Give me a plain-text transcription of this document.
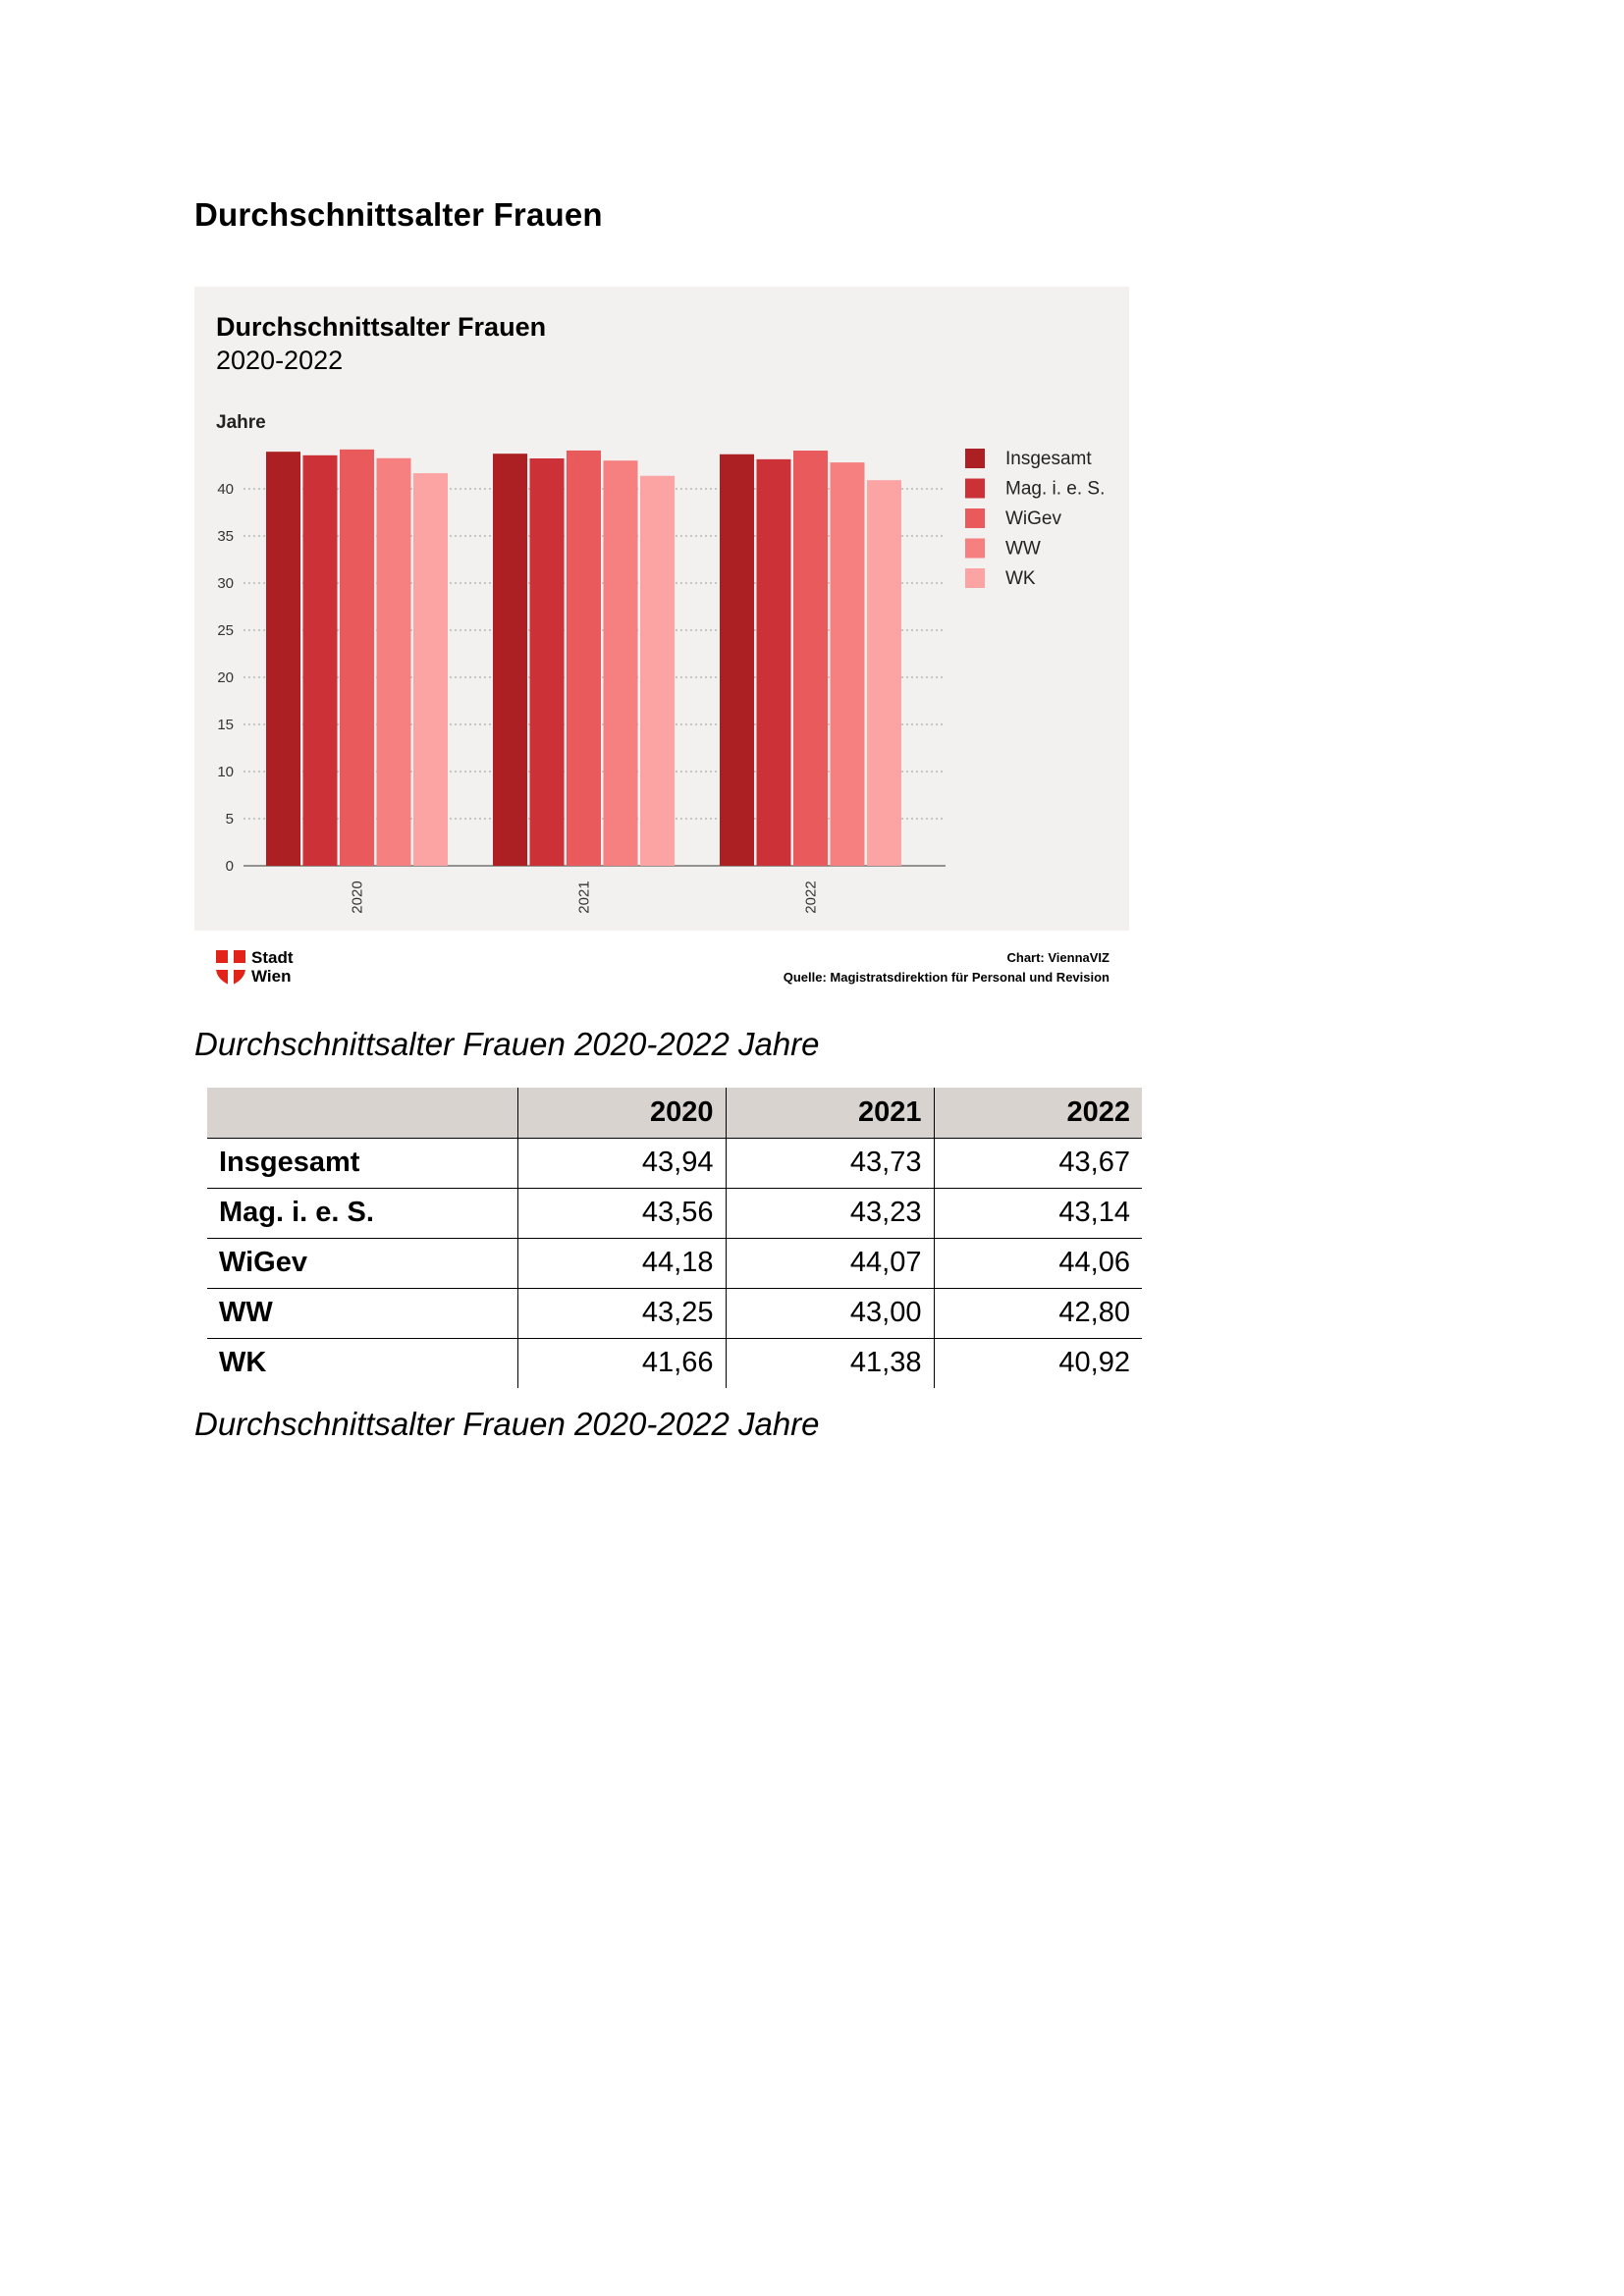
Durchschnittsalter Frauen
Jahre
0
5
10
15
20
25
30
35
40
2020	2021	2022
Insgesamt
Mag. i. e. S.
WiGev
WW
WK
Durchschnittsalter Frauen
2020-2022
Stadt
Wien
Chart: ViennaVIZ
Quelle: Magistratsdirektion für Personal und Revision
Durchschnittsalter Frauen 2020-2022 Jahre
	2020	2021	2022
Insgesamt	43,94	43,73	43,67
Mag. i. e. S.	43,56	43,23	43,14
WiGev	44,18	44,07	44,06
WW	43,25	43,00	42,80
WK	41,66	41,38	40,92
Durchschnittsalter Frauen 2020-2022 Jahre
